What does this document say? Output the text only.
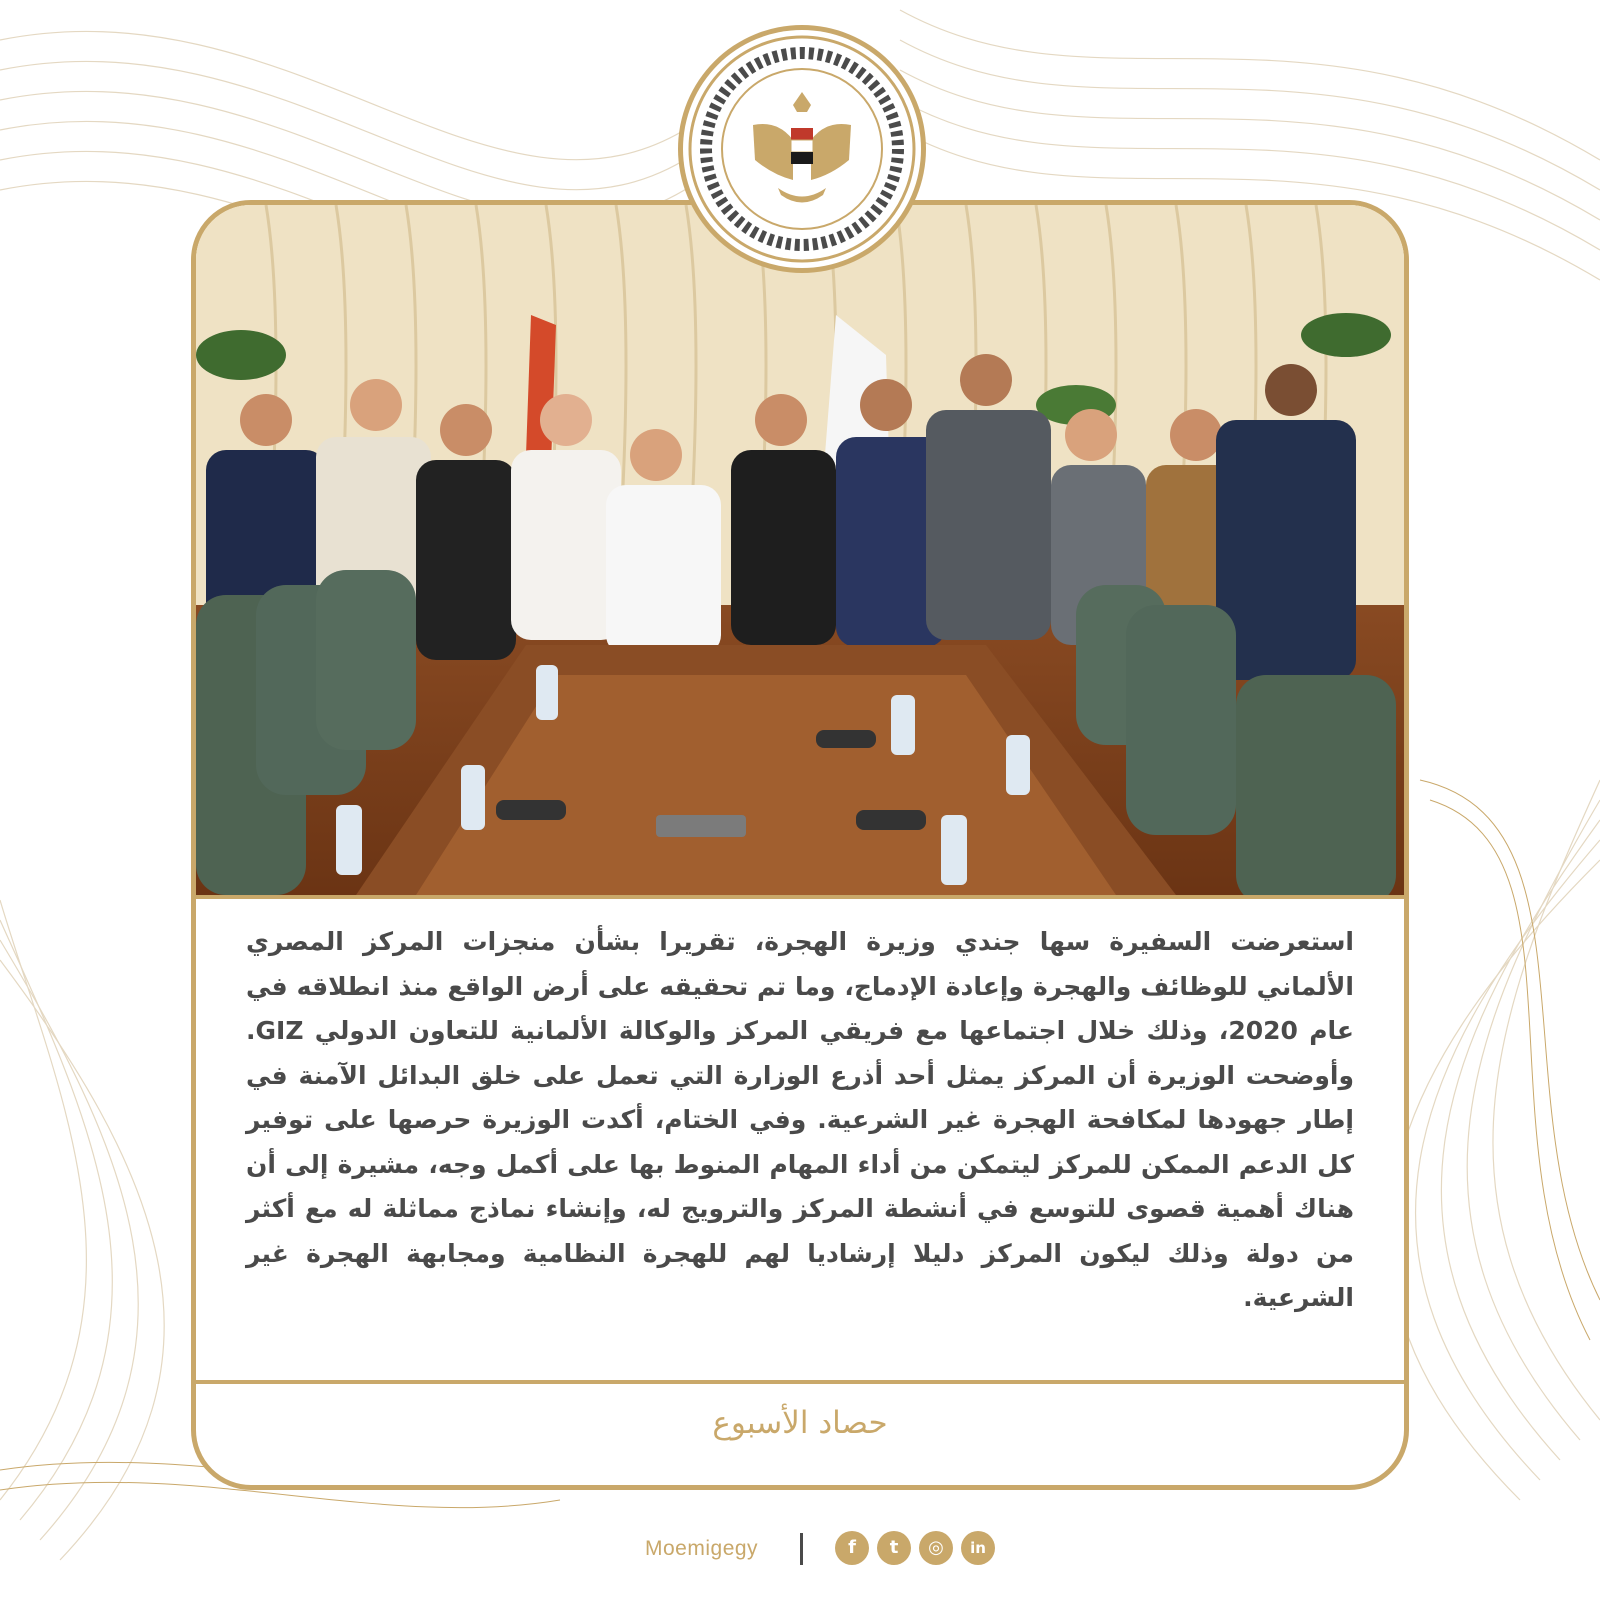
استعرضت السفيرة سها جندي وزيرة الهجرة، تقريرا بشأن منجزات المركز المصري الألماني للوظائف والهجرة وإعادة الإدماج، وما تم تحقيقه على أرض الواقع منذ انطلاقه في عام 2020، وذلك خلال اجتماعها مع فريقي المركز والوكالة الألمانية للتعاون الدولي GIZ. وأوضحت الوزيرة أن المركز يمثل أحد أذرع الوزارة التي تعمل على خلق البدائل الآمنة في إطار جهودها لمكافحة الهجرة غير الشرعية. وفي الختام، أكدت الوزيرة حرصها على توفير كل الدعم الممكن للمركز ليتمكن من أداء المهام المنوط بها على أكمل وجه، مشيرة إلى أن هناك أهمية قصوى للتوسع في أنشطة المركز والترويج له، وإنشاء نماذج مماثلة له مع أكثر من دولة وذلك ليكون المركز دليلا إرشاديا لهم للهجرة النظامية ومجابهة الهجرة غير الشرعية.
حصاد الأسبوع
Moemigegy	f	t	◎	in
